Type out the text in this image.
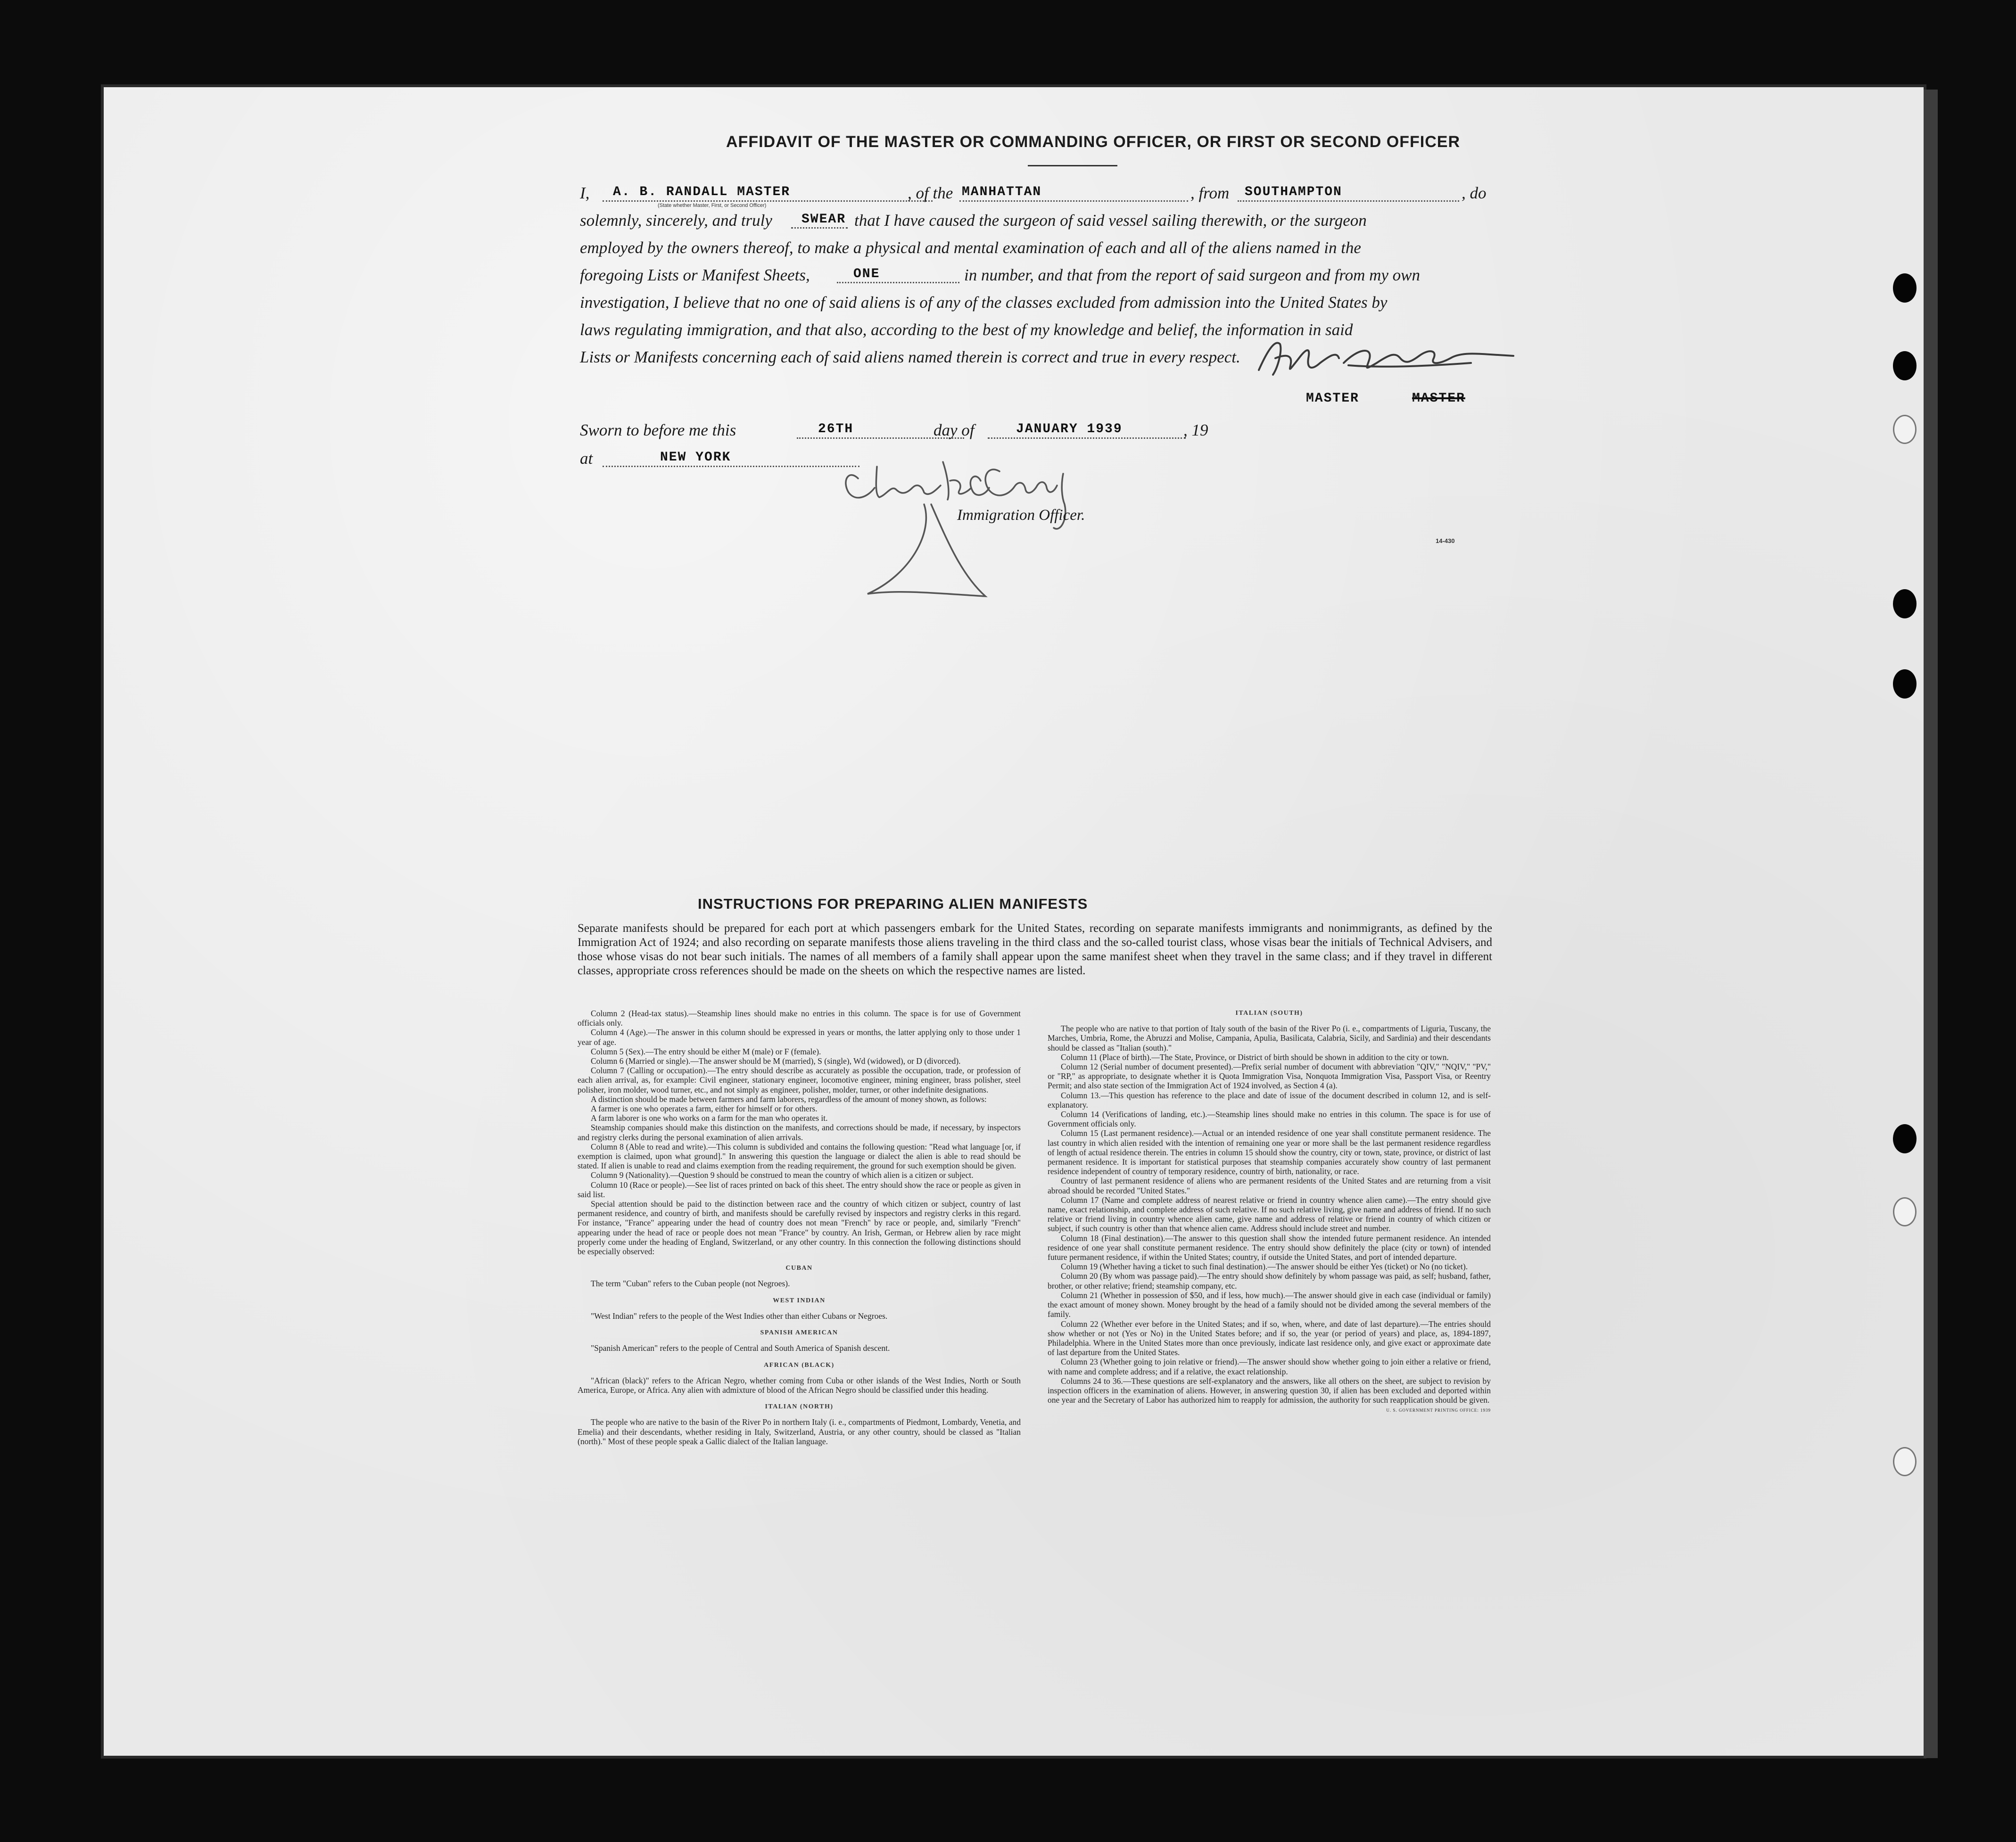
AFFIDAVIT OF THE MASTER OR COMMANDING OFFICER, OR FIRST OR SECOND OFFICER
I, A. B. RANDALL MASTER
(State whether Master, First, or Second Officer)
, of the MANHATTAN	, from SOUTHAMPTON	, do
solemnly, sincerely, and truly SWEAR that I have caused the surgeon of said vessel sailing therewith, or the surgeon
employed by the owners thereof, to make a physical and mental examination of each and all of the aliens named in the
foregoing Lists or Manifest Sheets,	ONE	in number, and that from the report of said surgeon and from my own
investigation, I believe that no one of said aliens is of any of the classes excluded from admission into the United States by
laws regulating immigration, and that also, according to the best of my knowledge and belief, the information in said
Lists or Manifests concerning each of said aliens named therein is correct and true in every respect.
MASTER	MASTER
Sworn to before me this	26TH	day of	JANUARY 1939	, 19
at	NEW YORK
Immigration Officer.
14-430
INSTRUCTIONS FOR PREPARING ALIEN MANIFESTS
Separate manifests should be prepared for each port at which passengers embark for the United States, recording on separate manifests immigrants and nonimmigrants, as defined by the Immigration Act of 1924; and also recording on separate manifests those aliens traveling in the third class and the so-called tourist class, whose visas bear the initials of Technical Advisers, and those whose visas do not bear such initials. The names of all members of a family shall appear upon the same manifest sheet when they travel in the same class; and if they travel in different classes, appropriate cross references should be made on the sheets on which the respective names are listed.

Column 2 (Head-tax status).—Steamship lines should make no entries in this column. The space is for use of Government officials only.

Column 4 (Age).—The answer in this column should be expressed in years or months, the latter applying only to those under 1 year of age.

Column 5 (Sex).—The entry should be either M (male) or F (female).

Column 6 (Married or single).—The answer should be M (married), S (single), Wd (widowed), or D (divorced).

Column 7 (Calling or occupation).—The entry should describe as accurately as possible the occupation, trade, or profession of each alien arrival, as, for example: Civil engineer, stationary engineer, locomotive engineer, mining engineer, brass polisher, steel polisher, iron molder, wood turner, etc., and not simply as engineer, polisher, molder, turner, or other indefinite designations.

A distinction should be made between farmers and farm laborers, regardless of the amount of money shown, as follows:

A farmer is one who operates a farm, either for himself or for others.

A farm laborer is one who works on a farm for the man who operates it.

Steamship companies should make this distinction on the manifests, and corrections should be made, if necessary, by inspectors and registry clerks during the personal examination of alien arrivals.

Column 8 (Able to read and write).—This column is subdivided and contains the following question: "Read what language [or, if exemption is claimed, upon what ground]." In answering this question the language or dialect the alien is able to read should be stated. If alien is unable to read and claims exemption from the reading requirement, the ground for such exemption should be given.

Column 9 (Nationality).—Question 9 should be construed to mean the country of which alien is a citizen or subject.

Column 10 (Race or people).—See list of races printed on back of this sheet. The entry should show the race or people as given in said list.

Special attention should be paid to the distinction between race and the country of which citizen or subject, country of last permanent residence, and country of birth, and manifests should be carefully revised by inspectors and registry clerks in this regard. For instance, "France" appearing under the head of country does not mean "French" by race or people, and, similarly "French" appearing under the head of race or people does not mean "France" by country. An Irish, German, or Hebrew alien by race might properly come under the heading of England, Switzerland, or any other country. In this connection the following distinctions should be especially observed:

CUBAN

The term "Cuban" refers to the Cuban people (not Negroes).

WEST INDIAN

"West Indian" refers to the people of the West Indies other than either Cubans or Negroes.

SPANISH AMERICAN

"Spanish American" refers to the people of Central and South America of Spanish descent.

AFRICAN (BLACK)

"African (black)" refers to the African Negro, whether coming from Cuba or other islands of the West Indies, North or South America, Europe, or Africa. Any alien with admixture of blood of the African Negro should be classified under this heading.

ITALIAN (NORTH)

The people who are native to the basin of the River Po in northern Italy (i. e., compartments of Piedmont, Lombardy, Venetia, and Emelia) and their descendants, whether residing in Italy, Switzerland, Austria, or any other country, should be classed as "Italian (north)." Most of these people speak a Gallic dialect of the Italian language.

ITALIAN (SOUTH)

The people who are native to that portion of Italy south of the basin of the River Po (i. e., compartments of Liguria, Tuscany, the Marches, Umbria, Rome, the Abruzzi and Molise, Campania, Apulia, Basilicata, Calabria, Sicily, and Sardinia) and their descendants should be classed as "Italian (south)."

Column 11 (Place of birth).—The State, Province, or District of birth should be shown in addition to the city or town.

Column 12 (Serial number of document presented).—Prefix serial number of document with abbreviation "QIV," "NQIV," "PV," or "RP," as appropriate, to designate whether it is Quota Immigration Visa, Nonquota Immigration Visa, Passport Visa, or Reentry Permit; and also state section of the Immigration Act of 1924 involved, as Section 4 (a).

Column 13.—This question has reference to the place and date of issue of the document described in column 12, and is self-explanatory.

Column 14 (Verifications of landing, etc.).—Steamship lines should make no entries in this column. The space is for use of Government officials only.

Column 15 (Last permanent residence).—Actual or an intended residence of one year shall constitute permanent residence. The last country in which alien resided with the intention of remaining one year or more shall be the last permanent residence regardless of length of actual residence therein. The entries in column 15 should show the country, city or town, state, province, or district of last permanent residence. It is important for statistical purposes that steamship companies accurately show country of last permanent residence independent of country of temporary residence, country of birth, nationality, or race.

Country of last permanent residence of aliens who are permanent residents of the United States and are returning from a visit abroad should be recorded "United States."

Column 17 (Name and complete address of nearest relative or friend in country whence alien came).—The entry should give name, exact relationship, and complete address of such relative. If no such relative living, give name and address of friend. If no such relative or friend living in country whence alien came, give name and address of relative or friend in country of which citizen or subject, if such country is other than that whence alien came. Address should include street and number.

Column 18 (Final destination).—The answer to this question shall show the intended future permanent residence. An intended residence of one year shall constitute permanent residence. The entry should show definitely the place (city or town) of intended future permanent residence, if within the United States; country, if outside the United States, and port of intended departure.

Column 19 (Whether having a ticket to such final destination).—The answer should be either Yes (ticket) or No (no ticket).

Column 20 (By whom was passage paid).—The entry should show definitely by whom passage was paid, as self; husband, father, brother, or other relative; friend; steamship company, etc.

Column 21 (Whether in possession of $50, and if less, how much).—The answer should give in each case (individual or family) the exact amount of money shown. Money brought by the head of a family should not be divided among the several members of the family.

Column 22 (Whether ever before in the United States; and if so, when, where, and date of last departure).—The entries should show whether or not (Yes or No) in the United States before; and if so, the year (or period of years) and place, as, 1894-1897, Philadelphia. Where in the United States more than once previously, indicate last residence only, and give exact or approximate date of last departure from the United States.

Column 23 (Whether going to join relative or friend).—The answer should show whether going to join either a relative or friend, with name and complete address; and if a relative, the exact relationship.

Columns 24 to 36.—These questions are self-explanatory and the answers, like all others on the sheet, are subject to revision by inspection officers in the examination of aliens. However, in answering question 30, if alien has been excluded and deported within one year and the Secretary of Labor has authorized him to reapply for admission, the authority for such reapplication should be given.

U. S. GOVERNMENT PRINTING OFFICE: 1939
